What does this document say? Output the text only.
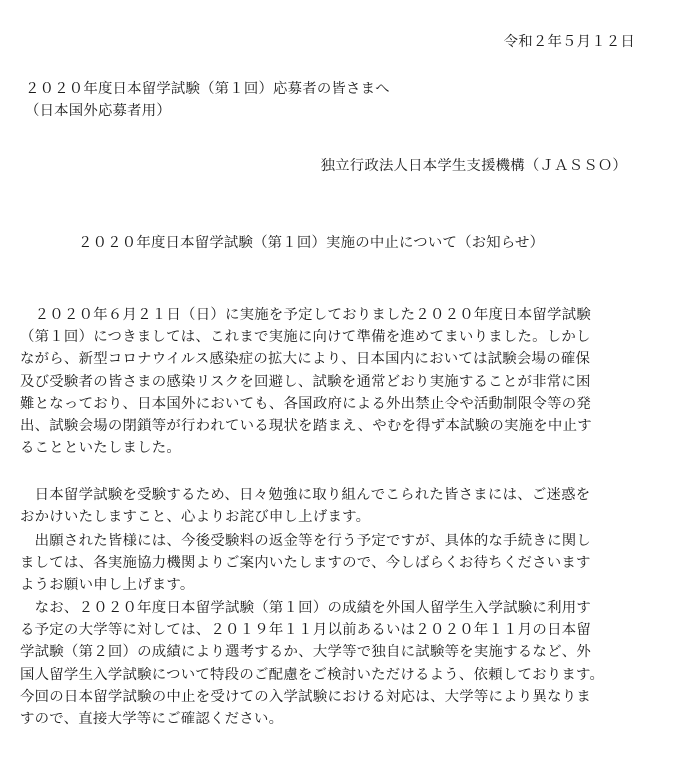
令和２年５月１２日
２０２０年度日本留学試験（第１回）応募者の皆さまへ
（日本国外応募者用）
独立行政法人日本学生支援機構（ＪＡＳＳＯ）
２０２０年度日本留学試験（第１回）実施の中止について（お知らせ）
　２０２０年６月２１日（日）に実施を予定しておりました２０２０年度日本留学試験
（第１回）につきましては、これまで実施に向けて準備を進めてまいりました。しかし
ながら、新型コロナウイルス感染症の拡大により、日本国内においては試験会場の確保
及び受験者の皆さまの感染リスクを回避し、試験を通常どおり実施することが非常に困
難となっており、日本国外においても、各国政府による外出禁止令や活動制限令等の発
出、試験会場の閉鎖等が行われている現状を踏まえ、やむを得ず本試験の実施を中止す
ることといたしました。
　日本留学試験を受験するため、日々勉強に取り組んでこられた皆さまには、ご迷惑を
おかけいたしますこと、心よりお詫び申し上げます。
　出願された皆様には、今後受験料の返金等を行う予定ですが、具体的な手続きに関し
ましては、各実施協力機関よりご案内いたしますので、今しばらくお待ちくださいます
ようお願い申し上げます。
　なお、２０２０年度日本留学試験（第１回）の成績を外国人留学生入学試験に利用す
る予定の大学等に対しては、２０１９年１１月以前あるいは２０２０年１１月の日本留
学試験（第２回）の成績により選考するか、大学等で独自に試験等を実施するなど、外
国人留学生入学試験について特段のご配慮をご検討いただけるよう、依頼しております。
今回の日本留学試験の中止を受けての入学試験における対応は、大学等により異なりま
すので、直接大学等にご確認ください。
